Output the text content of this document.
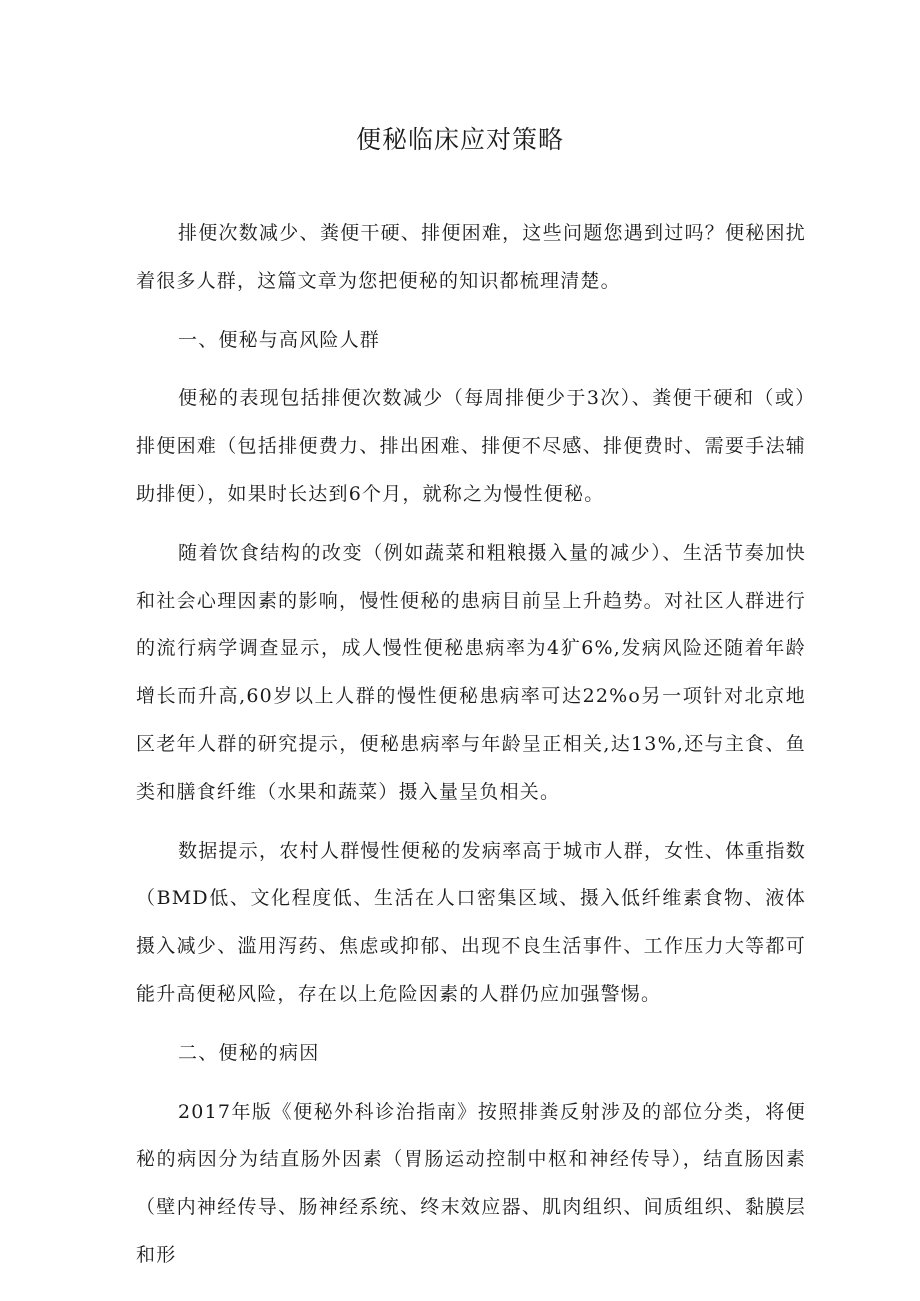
便秘临床应对策略

排便次数减少、粪便干硬、排便困难，这些问题您遇到过吗？便秘困扰着很多人群，这篇文章为您把便秘的知识都梳理清楚。

一、便秘与高风险人群

便秘的表现包括排便次数减少（每周排便少于3次）、粪便干硬和（或）排便困难（包括排便费力、排出困难、排便不尽感、排便费时、需要手法辅助排便），如果时长达到6个月，就称之为慢性便秘。

随着饮食结构的改变（例如蔬菜和粗粮摄入量的减少）、生活节奏加快和社会心理因素的影响，慢性便秘的患病目前呈上升趋势。对社区人群进行的流行病学调查显示，成人慢性便秘患病率为4犷6%,发病风险还随着年龄增长而升高,60岁以上人群的慢性便秘患病率可达22%o另一项针对北京地区老年人群的研究提示，便秘患病率与年龄呈正相关,达13%,还与主食、鱼类和膳食纤维（水果和蔬菜）摄入量呈负相关。

数据提示，农村人群慢性便秘的发病率高于城市人群，女性、体重指数（BMD低、文化程度低、生活在人口密集区域、摄入低纤维素食物、液体摄入减少、滥用泻药、焦虑或抑郁、出现不良生活事件、工作压力大等都可能升高便秘风险，存在以上危险因素的人群仍应加强警惕。

二、便秘的病因

2017年版《便秘外科诊治指南》按照排粪反射涉及的部位分类，将便秘的病因分为结直肠外因素（胃肠运动控制中枢和神经传导），结直肠因素（壁内神经传导、肠神经系统、终末效应器、肌肉组织、间质组织、黏膜层和形
